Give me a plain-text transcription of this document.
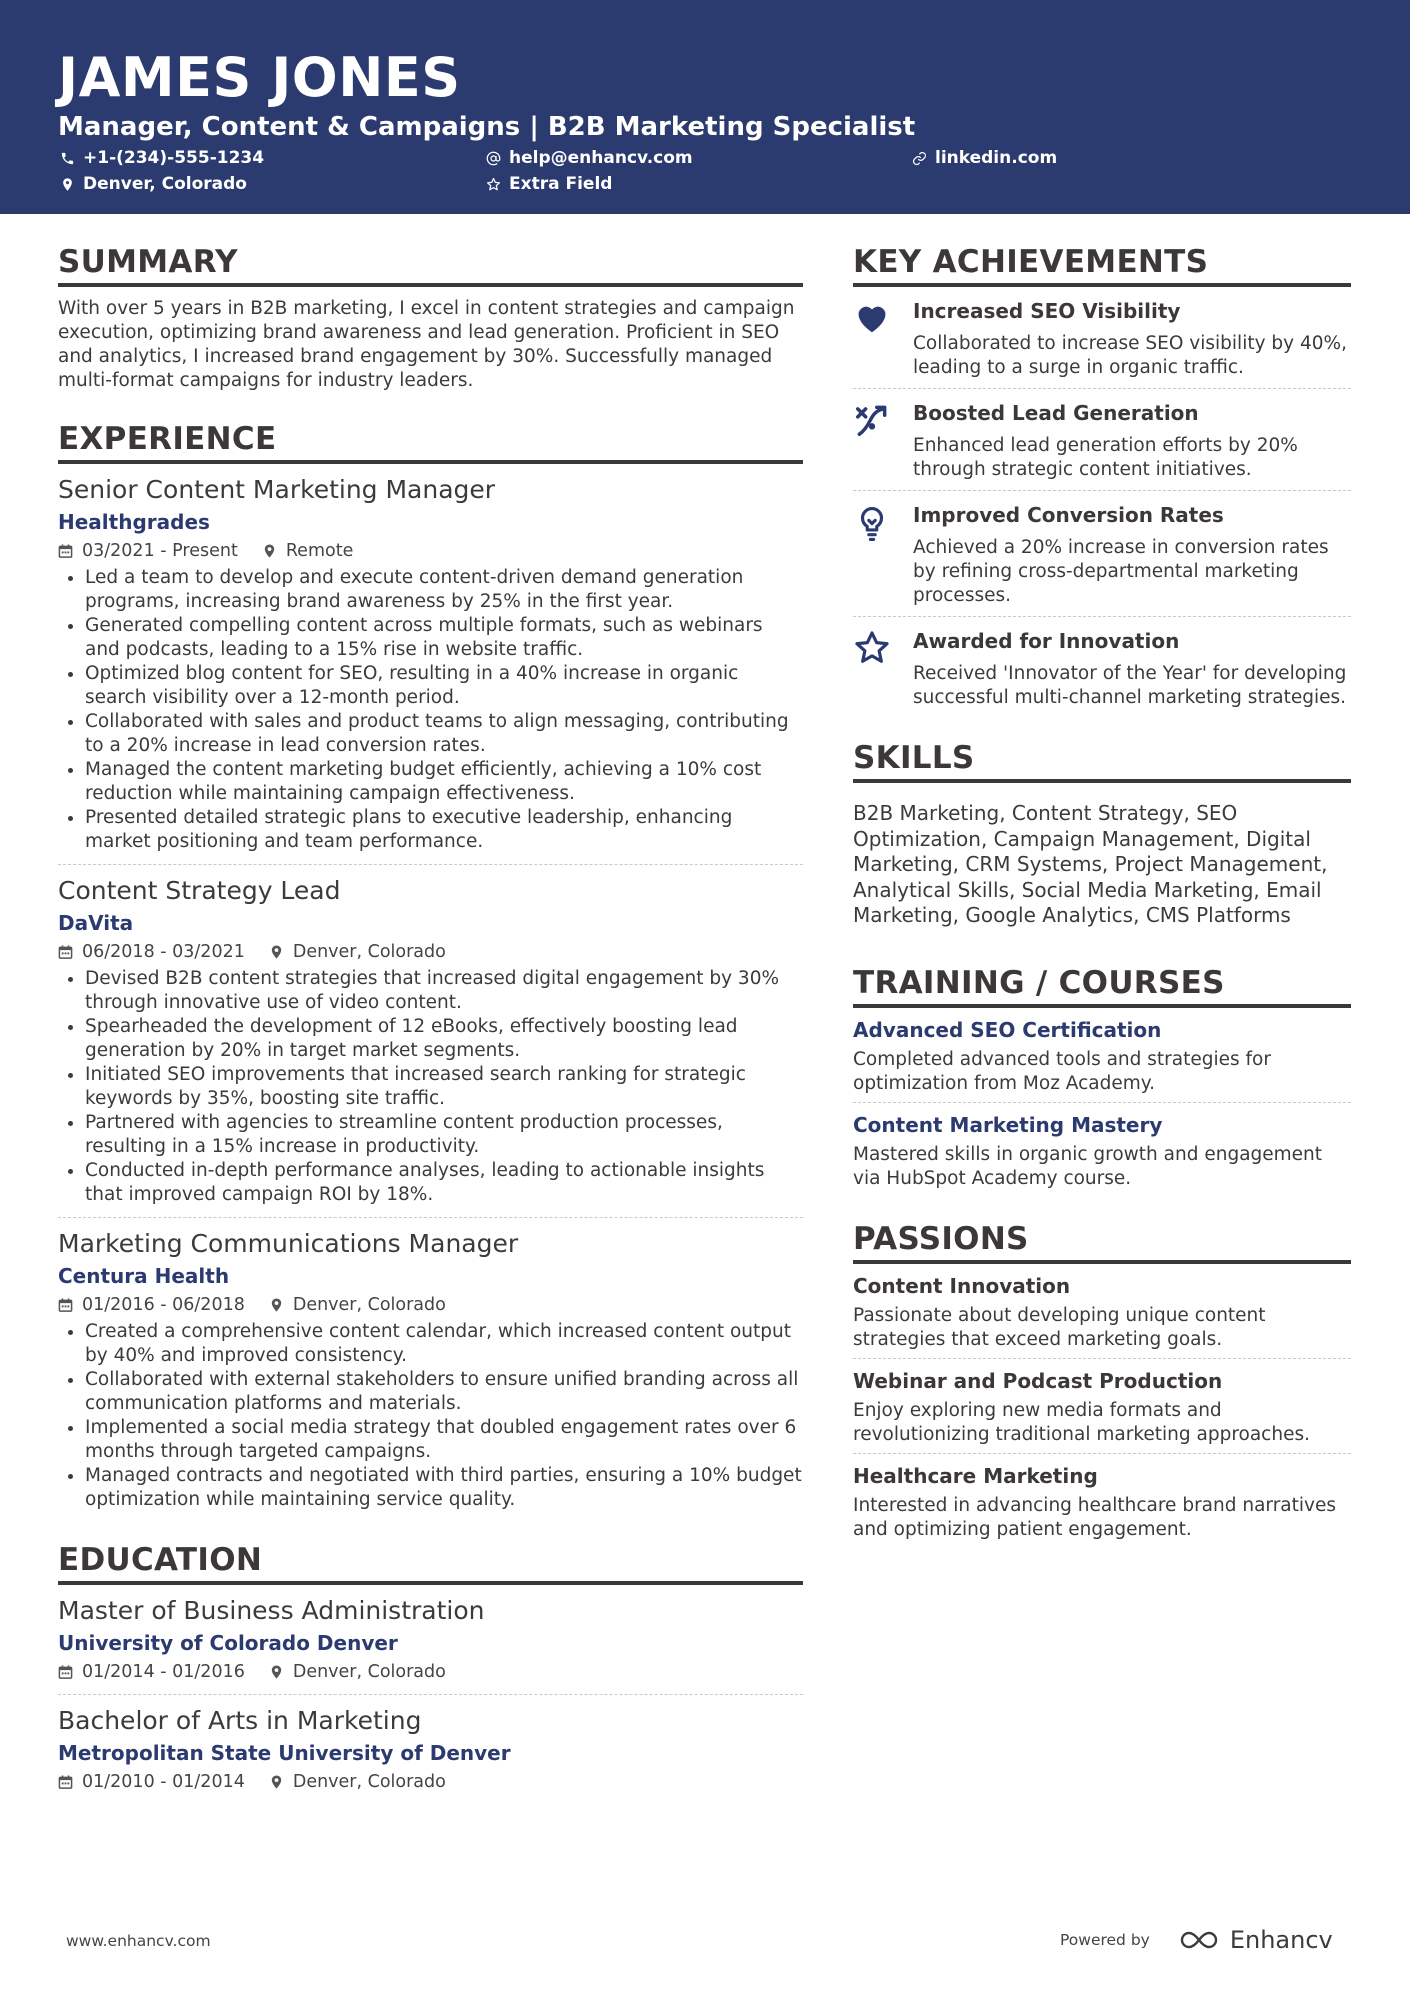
JAMES JONES
Manager, Content & Campaigns | B2B Marketing Specialist
+1-(234)-555-1234	help@enhancv.com	linkedin.com
Denver, Colorado	Extra Field
SUMMARY

With over 5 years in B2B marketing, I excel in content strategies and campaign execution, optimizing brand awareness and lead generation. Proficient in SEO and analytics, I increased brand engagement by 30%. Successfully managed multi-format campaigns for industry leaders.

EXPERIENCE
Senior Content Marketing Manager
Healthgrades
03/2021 - Present	Remote
• Led a team to develop and execute content-driven demand generation programs, increasing brand awareness by 25% in the first year.
• Generated compelling content across multiple formats, such as webinars and podcasts, leading to a 15% rise in website traffic.
• Optimized blog content for SEO, resulting in a 40% increase in organic search visibility over a 12-month period.
• Collaborated with sales and product teams to align messaging, contributing to a 20% increase in lead conversion rates.
• Managed the content marketing budget efficiently, achieving a 10% cost reduction while maintaining campaign effectiveness.
• Presented detailed strategic plans to executive leadership, enhancing market positioning and team performance.
Content Strategy Lead
DaVita
06/2018 - 03/2021	Denver, Colorado
• Devised B2B content strategies that increased digital engagement by 30% through innovative use of video content.
• Spearheaded the development of 12 eBooks, effectively boosting lead generation by 20% in target market segments.
• Initiated SEO improvements that increased search ranking for strategic keywords by 35%, boosting site traffic.
• Partnered with agencies to streamline content production processes, resulting in a 15% increase in productivity.
• Conducted in-depth performance analyses, leading to actionable insights that improved campaign ROI by 18%.
Marketing Communications Manager
Centura Health
01/2016 - 06/2018	Denver, Colorado
• Created a comprehensive content calendar, which increased content output by 40% and improved consistency.
• Collaborated with external stakeholders to ensure unified branding across all communication platforms and materials.
• Implemented a social media strategy that doubled engagement rates over 6 months through targeted campaigns.
• Managed contracts and negotiated with third parties, ensuring a 10% budget optimization while maintaining service quality.
EDUCATION
Master of Business Administration
University of Colorado Denver
01/2014 - 01/2016	Denver, Colorado
Bachelor of Arts in Marketing
Metropolitan State University of Denver
01/2010 - 01/2014	Denver, Colorado
KEY ACHIEVEMENTS
Increased SEO Visibility
Collaborated to increase SEO visibility by 40%, leading to a surge in organic traffic.
Boosted Lead Generation
Enhanced lead generation efforts by 20% through strategic content initiatives.
Improved Conversion Rates
Achieved a 20% increase in conversion rates by refining cross-departmental marketing processes.
Awarded for Innovation
Received 'Innovator of the Year' for developing successful multi-channel marketing strategies.
SKILLS
B2B Marketing, Content Strategy, SEO Optimization, Campaign Management, Digital Marketing, CRM Systems, Project Management, Analytical Skills, Social Media Marketing, Email Marketing, Google Analytics, CMS Platforms
TRAINING / COURSES
Advanced SEO Certification
Completed advanced tools and strategies for optimization from Moz Academy.
Content Marketing Mastery
Mastered skills in organic growth and engagement via HubSpot Academy course.
PASSIONS
Content Innovation
Passionate about developing unique content strategies that exceed marketing goals.
Webinar and Podcast Production
Enjoy exploring new media formats and revolutionizing traditional marketing approaches.
Healthcare Marketing
Interested in advancing healthcare brand narratives and optimizing patient engagement.
www.enhancv.com	Powered by	Enhancv
